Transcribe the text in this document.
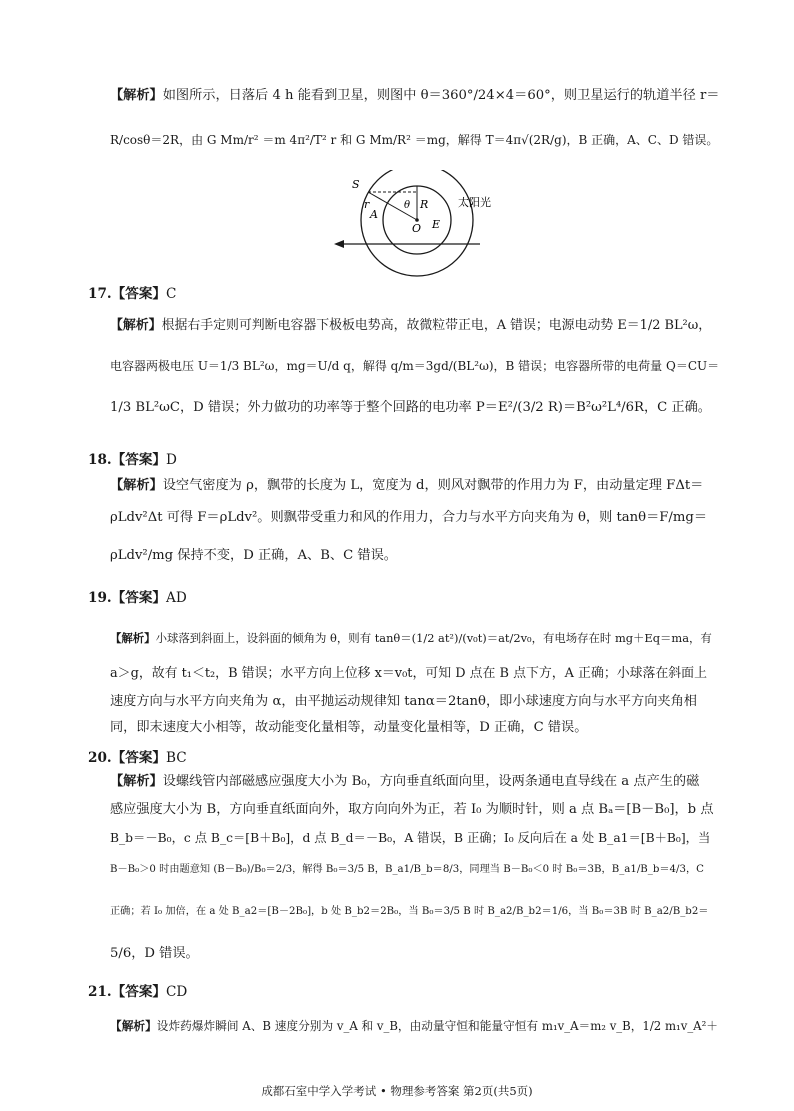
【解析】如图所示，日落后 4 h 能看到卫星，则图中 θ＝360°/24×4＝60°，则卫星运行的轨道半径 r＝
R/cosθ＝2R，由 G Mm/r² ＝m 4π²/T² r 和 G Mm/R² ＝mg，解得 T＝4π√(2R/g)，B 正确，A、C、D 错误。
S
r
A
θ R
O E
太阳光
17.【答案】C
【解析】根据右手定则可判断电容器下极板电势高，故微粒带正电，A 错误；电源电动势 E＝1/2 BL²ω，
电容器两极电压 U＝1/3 BL²ω，mg＝U/d q，解得 q/m＝3gd/(BL²ω)，B 错误；电容器所带的电荷量 Q＝CU＝
1/3 BL²ωC，D 错误；外力做功的功率等于整个回路的电功率 P＝E²/(3/2 R)＝B²ω²L⁴/6R，C 正确。
18.【答案】D
【解析】设空气密度为 ρ，飘带的长度为 L，宽度为 d，则风对飘带的作用力为 F，由动量定理 FΔt＝
ρLdv²Δt 可得 F＝ρLdv²。则飘带受重力和风的作用力，合力与水平方向夹角为 θ，则 tanθ＝F/mg＝
ρLdv²/mg 保持不变，D 正确，A、B、C 错误。
19.【答案】AD
【解析】小球落到斜面上，设斜面的倾角为 θ，则有 tanθ＝(1/2 at²)/(v₀t)＝at/2v₀，有电场存在时 mg＋Eq＝ma，有
a＞g，故有 t₁＜t₂，B 错误；水平方向上位移 x＝v₀t，可知 D 点在 B 点下方，A 正确；小球落在斜面上
速度方向与水平方向夹角为 α，由平抛运动规律知 tanα＝2tanθ，即小球速度方向与水平方向夹角相
同，即末速度大小相等，故动能变化量相等，动量变化量相等，D 正确，C 错误。
20.【答案】BC
【解析】设螺线管内部磁感应强度大小为 B₀，方向垂直纸面向里，设两条通电直导线在 a 点产生的磁
感应强度大小为 B，方向垂直纸面向外，取方向向外为正，若 I₀ 为顺时针，则 a 点 Bₐ＝[B－B₀]，b 点
B_b＝－B₀，c 点 B_c＝[B＋B₀]，d 点 B_d＝－B₀，A 错误，B 正确；I₀ 反向后在 a 处 B_a1＝[B＋B₀]，当
B－B₀＞0 时由题意知 (B－B₀)/B₀＝2/3，解得 B₀＝3/5 B，B_a1/B_b＝8/3，同理当 B－B₀＜0 时 B₀＝3B，B_a1/B_b＝4/3，C
正确；若 I₀ 加倍，在 a 处 B_a2＝[B－2B₀]，b 处 B_b2＝2B₀，当 B₀＝3/5 B 时 B_a2/B_b2＝1/6，当 B₀＝3B 时 B_a2/B_b2＝
5/6，D 错误。
21.【答案】CD
【解析】设炸药爆炸瞬间 A、B 速度分别为 v_A 和 v_B，由动量守恒和能量守恒有 m₁v_A＝m₂ v_B，1/2 m₁v_A²＋
成都石室中学入学考试 • 物理参考答案 第2页(共5页)
